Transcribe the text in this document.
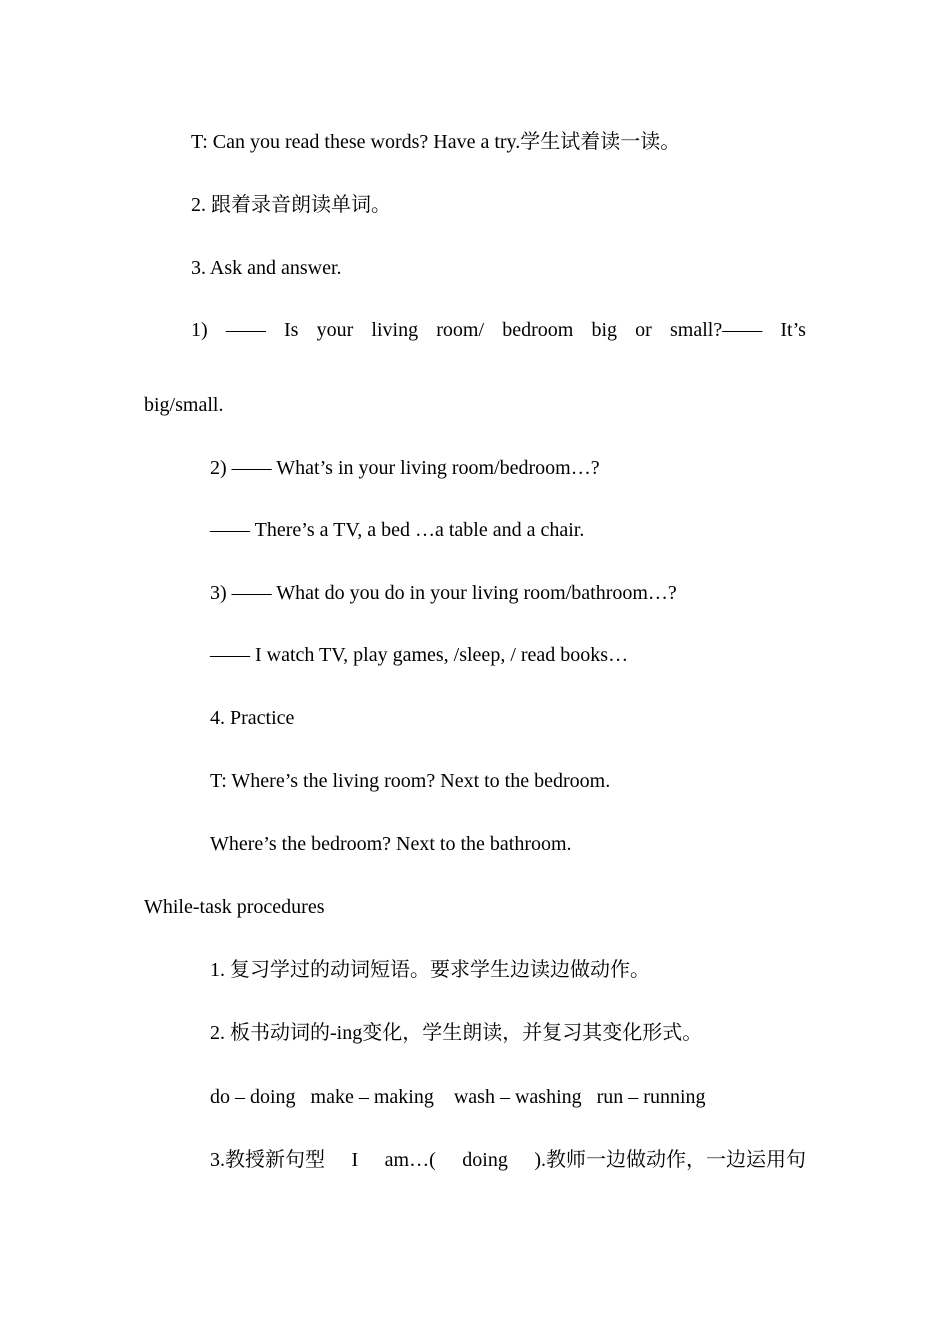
T: Can you read these words? Have a try.学生试着读一读。
2. 跟着录音朗读单词。
3. Ask and answer.
1) —— Is your living room/ bedroom big or small?—— It’s
big/small.
2) —— What’s in your living room/bedroom…?
—— There’s a TV, a bed …a table and a chair.
3) —— What do you do in your living room/bathroom…?
—— I watch TV, play games, /sleep, / read books…
4. Practice
T: Where’s the living room? Next to the bedroom.
Where’s the bedroom? Next to the bathroom.
While-task procedures
1. 复习学过的动词短语。要求学生边读边做动作。
2. 板书动词的-ing变化，学生朗读，并复习其变化形式。
do – doing   make – making    wash – washing   run – running
3.教授新句型 I am…( doing ).教师一边做动作，一边运用句
